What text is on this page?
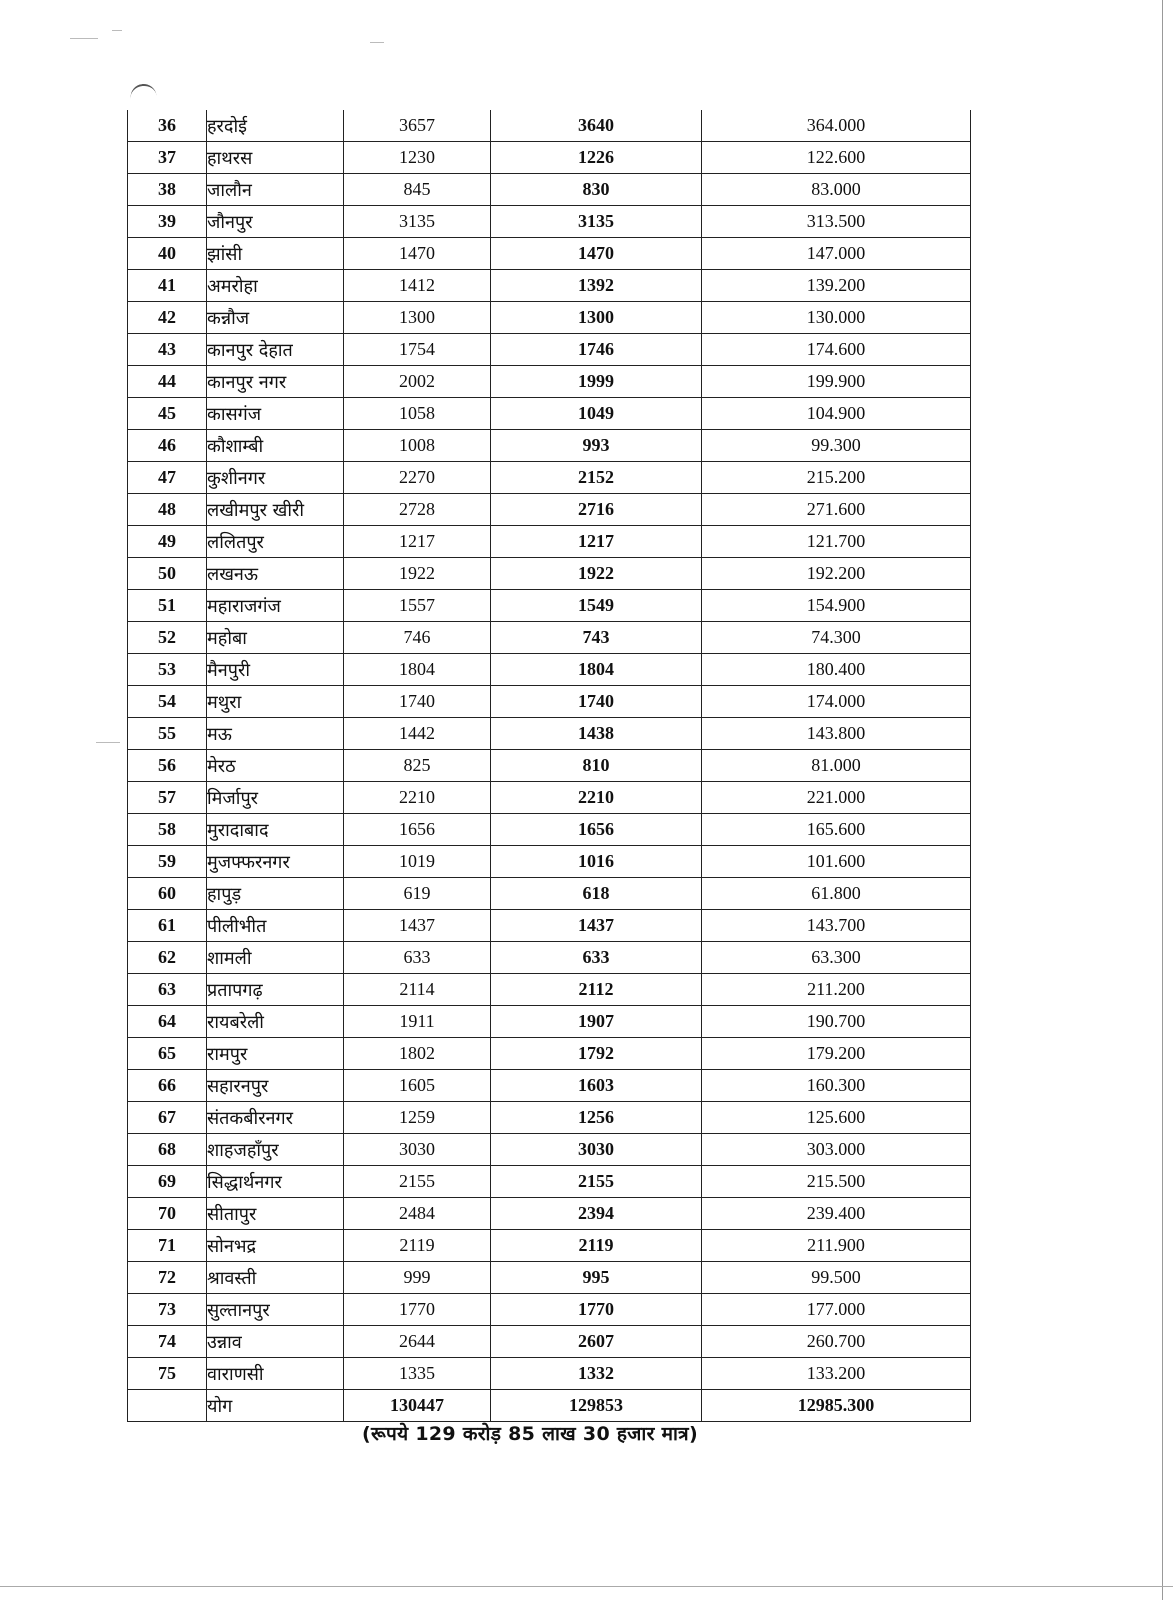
36	हरदोई	3657	3640	364.000
37	हाथरस	1230	1226	122.600
38	जालौन	845	830	83.000
39	जौनपुर	3135	3135	313.500
40	झांसी	1470	1470	147.000
41	अमरोहा	1412	1392	139.200
42	कन्नौज	1300	1300	130.000
43	कानपुर देहात	1754	1746	174.600
44	कानपुर नगर	2002	1999	199.900
45	कासगंज	1058	1049	104.900
46	कौशाम्बी	1008	993	99.300
47	कुशीनगर	2270	2152	215.200
48	लखीमपुर खीरी	2728	2716	271.600
49	ललितपुर	1217	1217	121.700
50	लखनऊ	1922	1922	192.200
51	महाराजगंज	1557	1549	154.900
52	महोबा	746	743	74.300
53	मैनपुरी	1804	1804	180.400
54	मथुरा	1740	1740	174.000
55	मऊ	1442	1438	143.800
56	मेरठ	825	810	81.000
57	मिर्जापुर	2210	2210	221.000
58	मुरादाबाद	1656	1656	165.600
59	मुजफ्फरनगर	1019	1016	101.600
60	हापुड़	619	618	61.800
61	पीलीभीत	1437	1437	143.700
62	शामली	633	633	63.300
63	प्रतापगढ़	2114	2112	211.200
64	रायबरेली	1911	1907	190.700
65	रामपुर	1802	1792	179.200
66	सहारनपुर	1605	1603	160.300
67	संतकबीरनगर	1259	1256	125.600
68	शाहजहाँपुर	3030	3030	303.000
69	सिद्धार्थनगर	2155	2155	215.500
70	सीतापुर	2484	2394	239.400
71	सोनभद्र	2119	2119	211.900
72	श्रावस्ती	999	995	99.500
73	सुल्तानपुर	1770	1770	177.000
74	उन्नाव	2644	2607	260.700
75	वाराणसी	1335	1332	133.200
	योग	130447	129853	12985.300
(रूपये 129 करोड़ 85 लाख 30 हजार मात्र)
